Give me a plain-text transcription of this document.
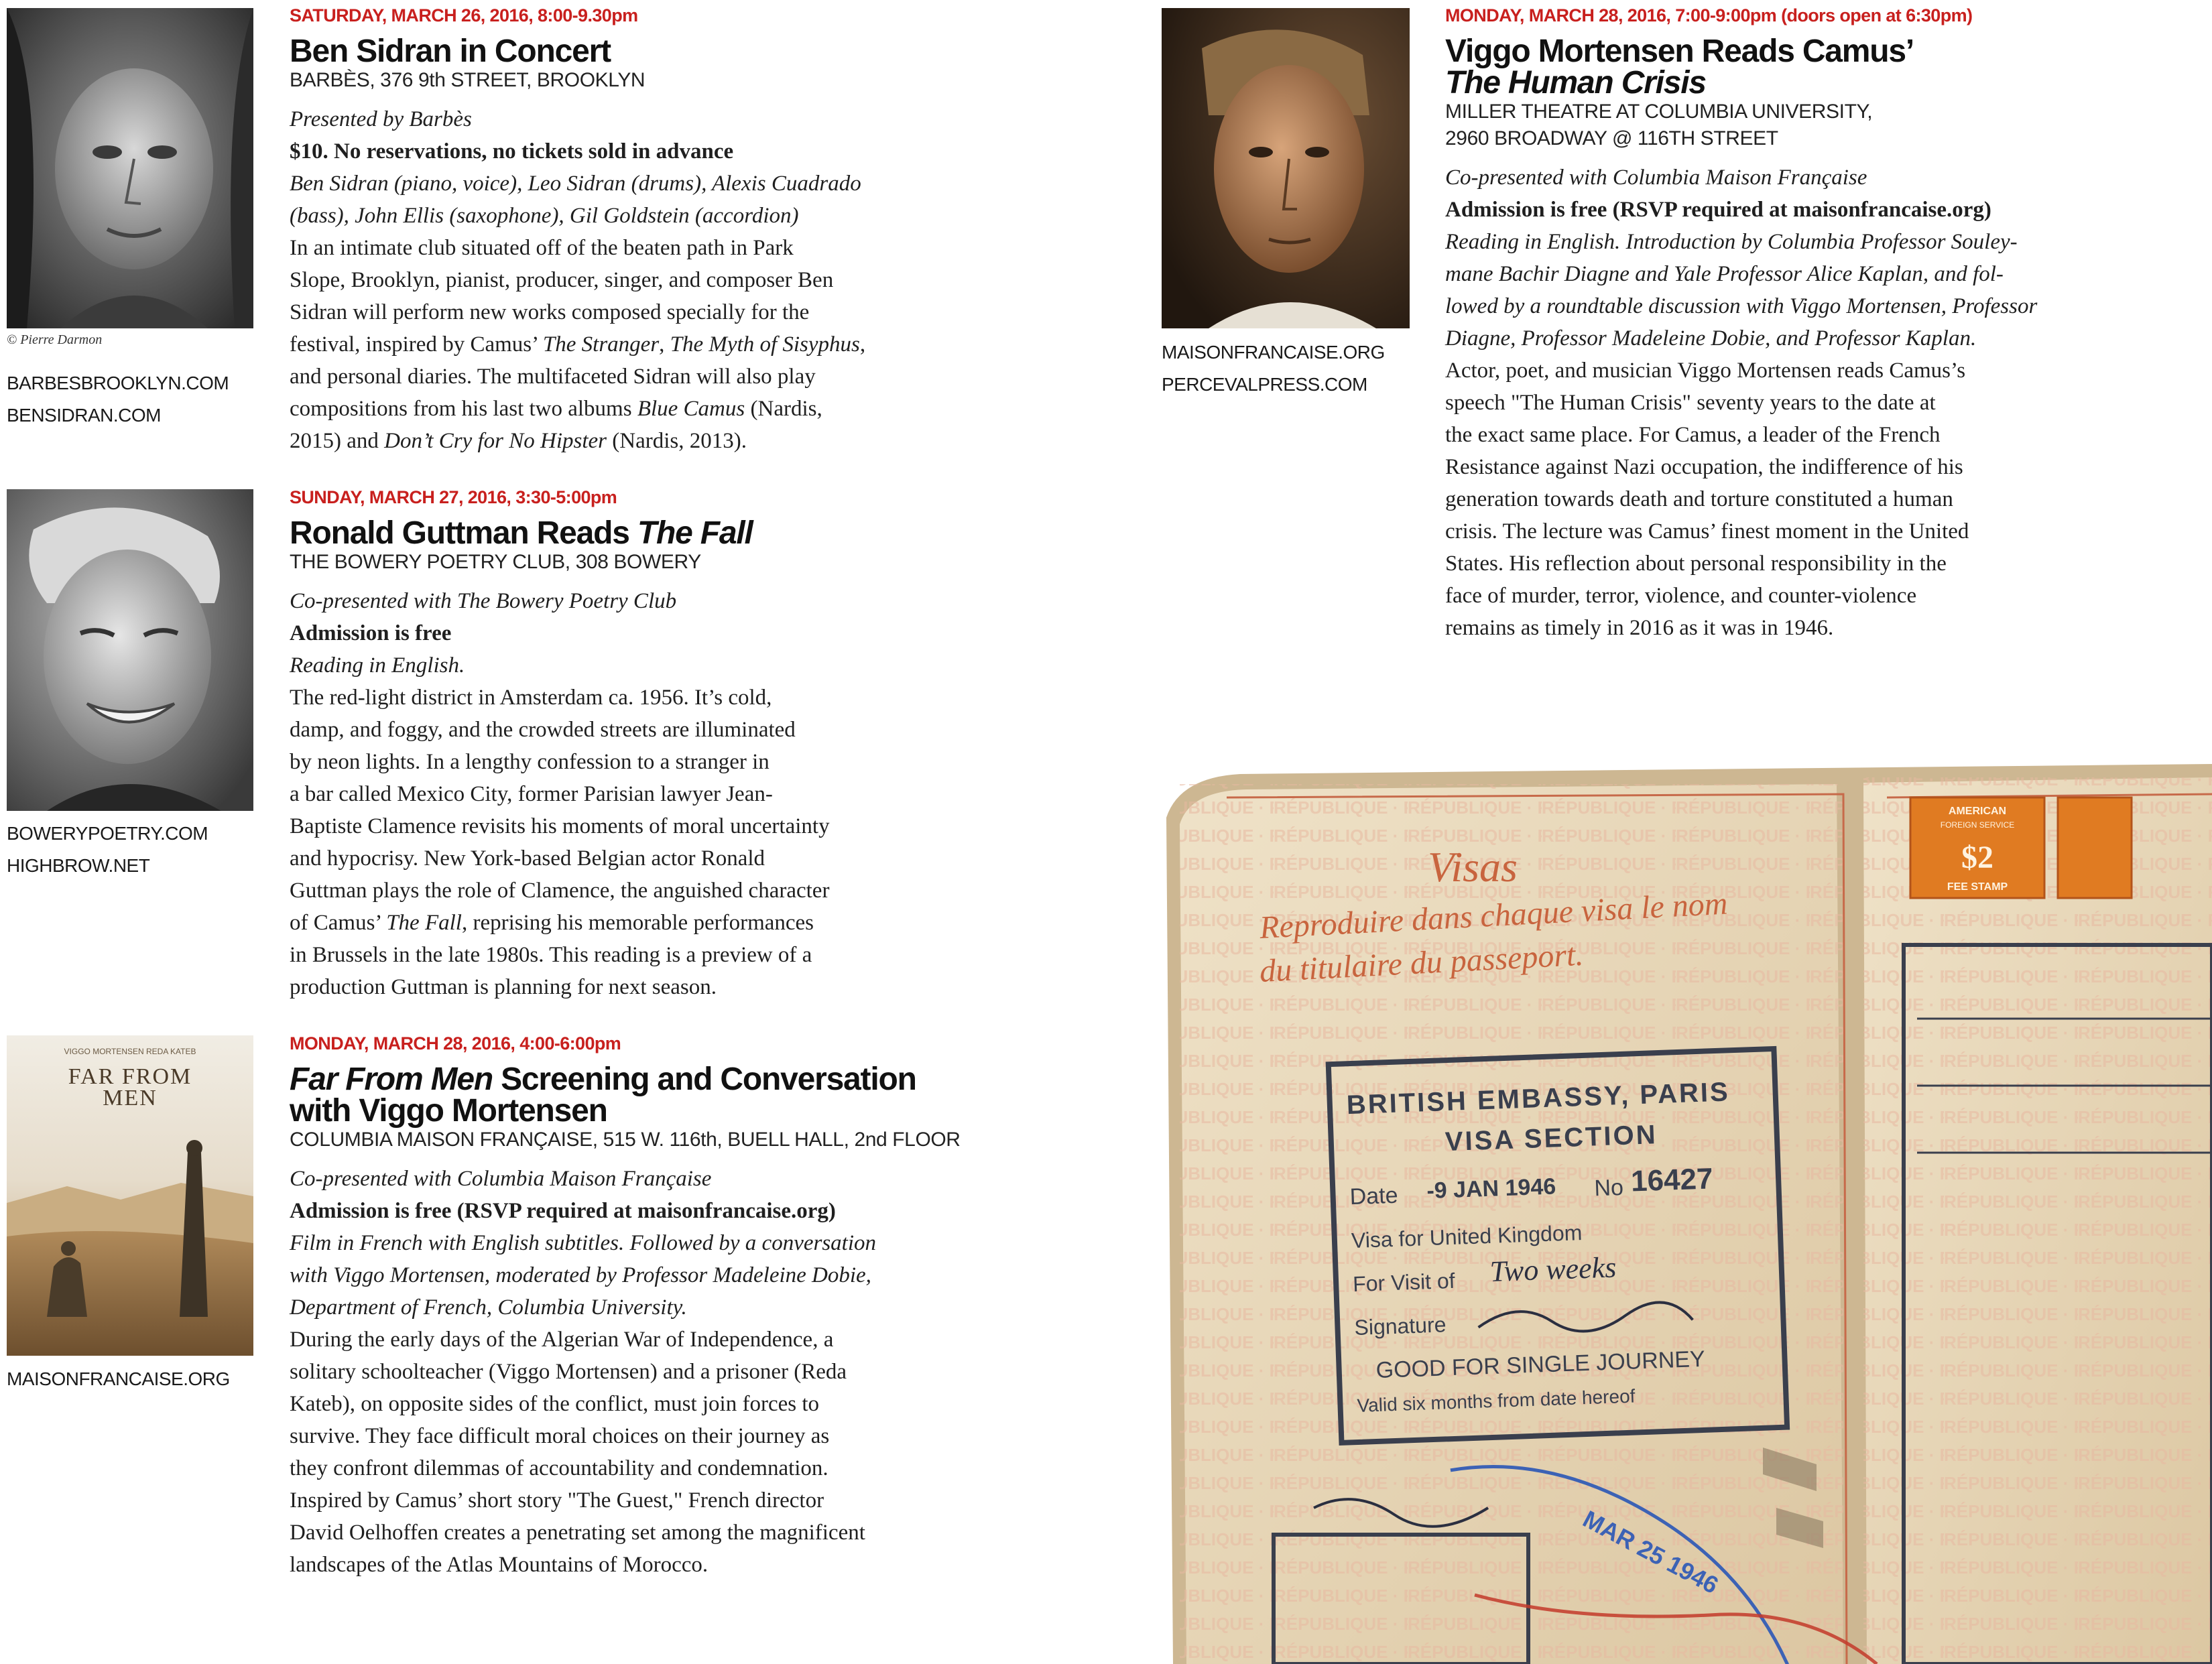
© Pierre Darmon
BARBESBROOKLYN.COM
BENSIDRAN.COM
SATURDAY, MARCH 26, 2016, 8:00-9.30pm
Ben Sidran in Concert
BARBÈS, 376 9th STREET, BROOKLYN
Presented by Barbès
$10. No reservations, no tickets sold in advance
Ben Sidran (piano, voice), Leo Sidran (drums), Alexis Cuadrado
(bass), John Ellis (saxophone), Gil Goldstein (accordion)
In an intimate club situated off of the beaten path in Park
Slope, Brooklyn, pianist, producer, singer, and composer Ben
Sidran will perform new works composed specially for the
festival, inspired by Camus’ The Stranger, The Myth of Sisyphus,
and personal diaries. The multifaceted Sidran will also play
compositions from his last two albums Blue Camus (Nardis,
2015) and Don’t Cry for No Hipster (Nardis, 2013).
BOWERYPOETRY.COM
HIGHBROW.NET
SUNDAY, MARCH 27, 2016, 3:30-5:00pm
Ronald Guttman Reads The Fall
THE BOWERY POETRY CLUB, 308 BOWERY
Co-presented with The Bowery Poetry Club
Admission is free
Reading in English.
The red-light district in Amsterdam ca. 1956. It’s cold,
damp, and foggy, and the crowded streets are illuminated
by neon lights. In a lengthy confession to a stranger in
a bar called Mexico City, former Parisian lawyer Jean-
Baptiste Clamence revisits his moments of moral uncertainty
and hypocrisy. New York-based Belgian actor Ronald
Guttman plays the role of Clamence, the anguished character
of Camus’ The Fall, reprising his memorable performances
in Brussels in the late 1980s. This reading is a preview of a
production Guttman is planning for next season.
VIGGO MORTENSEN REDA KATEB
FAR FROM
MEN
MAISONFRANCAISE.ORG
MONDAY, MARCH 28, 2016, 4:00-6:00pm
Far From Men Screening and Conversation
with Viggo Mortensen
COLUMBIA MAISON FRANÇAISE, 515 W. 116th, BUELL HALL, 2nd FLOOR
Co-presented with Columbia Maison Française
Admission is free (RSVP required at maisonfrancaise.org)
Film in French with English subtitles. Followed by a conversation
with Viggo Mortensen, moderated by Professor Madeleine Dobie,
Department of French, Columbia University.
During the early days of the Algerian War of Independence, a
solitary schoolteacher (Viggo Mortensen) and a prisoner (Reda
Kateb), on opposite sides of the conflict, must join forces to
survive. They face difficult moral choices on their journey as
they confront dilemmas of accountability and condemnation.
Inspired by Camus’ short story "The Guest," French director
David Oelhoffen creates a penetrating set among the magnificent
landscapes of the Atlas Mountains of Morocco.
MAISONFRANCAISE.ORG
PERCEVALPRESS.COM
MONDAY, MARCH 28, 2016, 7:00-9:00pm (doors open at 6:30pm)
Viggo Mortensen Reads Camus’
The Human Crisis
MILLER THEATRE AT COLUMBIA UNIVERSITY,
2960 BROADWAY @ 116TH STREET
Co-presented with Columbia Maison Française
Admission is free (RSVP required at maisonfrancaise.org)
Reading in English. Introduction by Columbia Professor Souley-
mane Bachir Diagne and Yale Professor Alice Kaplan, and fol-
lowed by a roundtable discussion with Viggo Mortensen, Professor
Diagne, Professor Madeleine Dobie, and Professor Kaplan.
Actor, poet, and musician Viggo Mortensen reads Camus’s
speech "The Human Crisis" seventy years to the date at
the exact same place. For Camus, a leader of the French
Resistance against Nazi occupation, the indifference of his
generation towards death and torture constituted a human
crisis. The lecture was Camus’ finest moment in the United
States. His reflection about personal responsibility in the
face of murder, terror, violence, and counter-violence
remains as timely in 2016 as it was in 1946.
Visas
Reproduire dans chaque visa le nom
du titulaire du passeport.
BRITISH EMBASSY, PARIS
VISA SECTION
Date -9 JAN 1946 No 16427
Visa for United Kingdom
For Visit of Two weeks
Signature
GOOD FOR SINGLE JOURNEY
Valid six months from date hereof
AMERICAN
FOREIGN SERVICE
$2
FEE STAMP
MAR 25 1946
